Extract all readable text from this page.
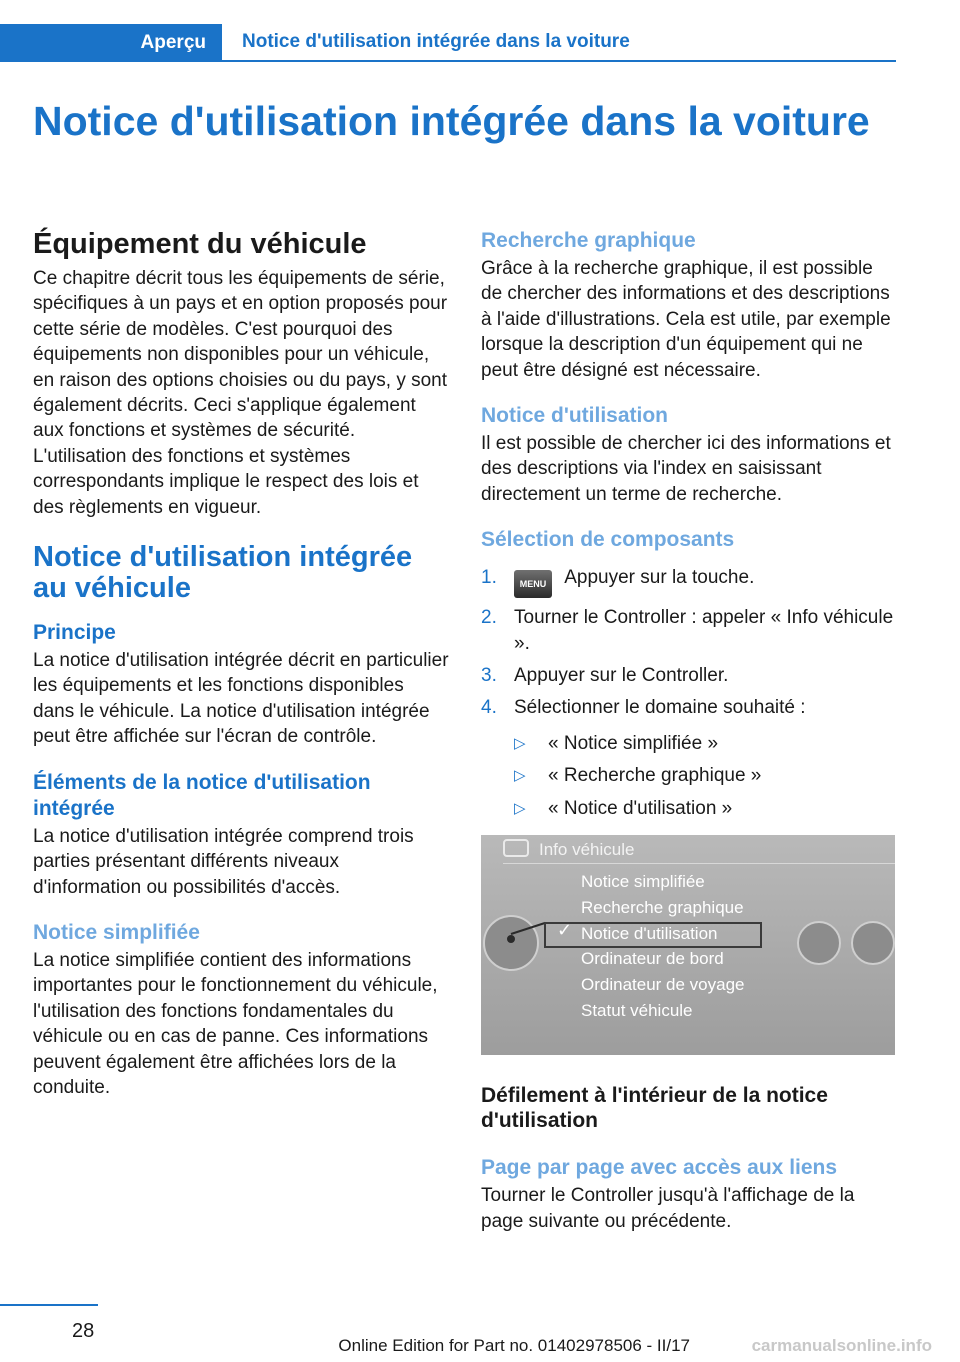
Aperçu	Notice d'utilisation intégrée dans la voiture
Notice d'utilisation intégrée dans la voiture
Équipement du véhicule

Ce chapitre décrit tous les équipements de série, spécifiques à un pays et en option proposés pour cette série de modèles. C'est pourquoi des équipements non disponibles pour un véhicule, en raison des options choisies ou du pays, y sont également décrits. Ceci s'applique également aux fonctions et systèmes de sécurité. L'utilisation des fonctions et systèmes correspondants implique le respect des lois et des règlements en vigueur.

Notice d'utilisation intégrée au véhicule
Principe

La notice d'utilisation intégrée décrit en particulier les équipements et les fonctions disponibles dans le véhicule. La notice d'utilisation intégrée peut être affichée sur l'écran de contrôle.

Éléments de la notice d'utilisation intégrée

La notice d'utilisation intégrée comprend trois parties présentant différents niveaux d'information ou possibilités d'accès.

Notice simplifiée

La notice simplifiée contient des informations importantes pour le fonctionnement du véhicule, l'utilisation des fonctions fondamentales du véhicule ou en cas de panne. Ces informations peuvent également être affichées lors de la conduite.

Recherche graphique

Grâce à la recherche graphique, il est possible de chercher des informations et des descriptions à l'aide d'illustrations. Cela est utile, par exemple lorsque la description d'un équipement qui ne peut être désigné est nécessaire.

Notice d'utilisation

Il est possible de chercher ici des informations et des descriptions via l'index en saisissant directement un terme de recherche.

Sélection de composants
1.	MENU Appuyer sur la touche.
2. Tourner le Controller : appeler « Info véhicule ».
3. Appuyer sur le Controller.
4. Sélectionner le domaine souhaité :
▷ « Notice simplifiée »
▷ « Recherche graphique »
▷ « Notice d'utilisation »
Info véhicule
✓
Notice simplifiée
Recherche graphique
Notice d'utilisation
Ordinateur de bord
Ordinateur de voyage
Statut véhicule
Défilement à l'intérieur de la notice d'utilisation
Page par page avec accès aux liens

Tourner le Controller jusqu'à l'affichage de la page suivante ou précédente.

28
Online Edition for Part no. 01402978506 - II/17	carmanualsonline.info
